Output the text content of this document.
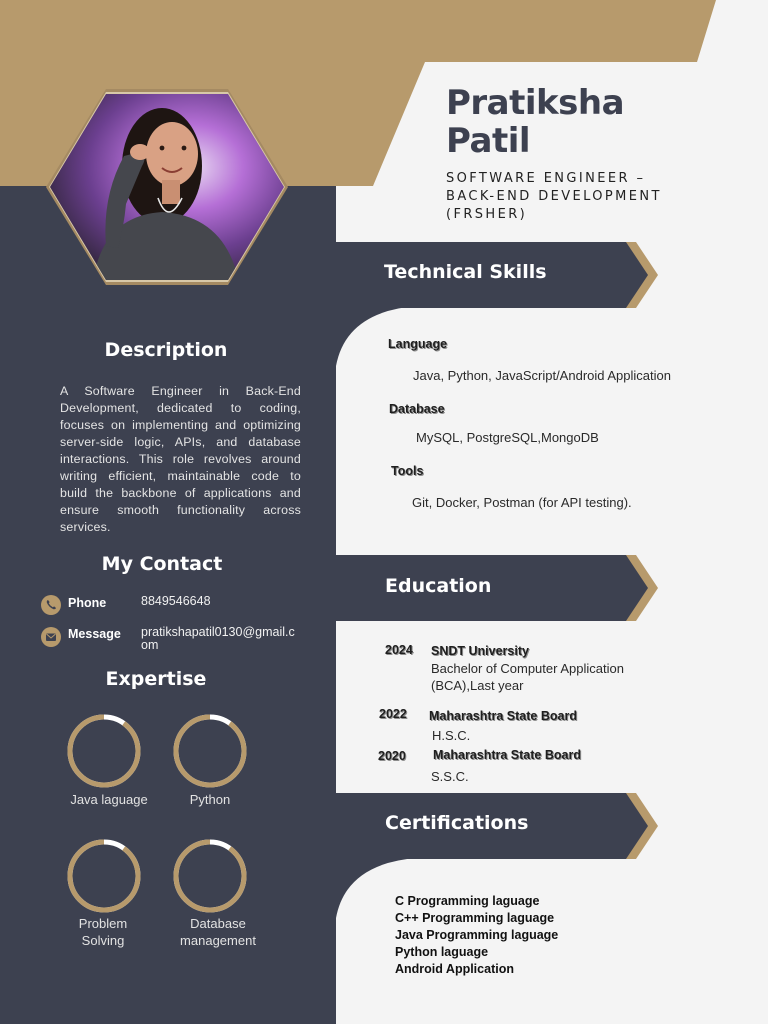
Pratiksha
Patil
SOFTWARE ENGINEER –
BACK-END DEVELOPMENT
(FRSHER)
Description
A Software Engineer in Back-End Development, dedicated to coding, focuses on implementing and optimizing server-side logic, APIs, and database interactions. This role revolves around writing efficient, maintainable code to build the backbone of applications and ensure smooth functionality across services.
My Contact
Phone	8849546648
Message pratikshapatil0130@gmail.c
om
Expertise
Java laguage	Python
Problem
Solving
Database
management
Technical Skills
Language
Java, Python, JavaScript/Android Application
Database
MySQL, PostgreSQL,MongoDB
Tools
Git, Docker, Postman (for API testing).
Education
2024 SNDT University
Bachelor of Computer Application
(BCA),Last year
2022 Maharashtra State Board
H.S.C.
2020 Maharashtra State Board
S.S.C.
Certifications
C Programming laguage
C++ Programming laguage
Java Programming laguage
Python laguage
Android Application
